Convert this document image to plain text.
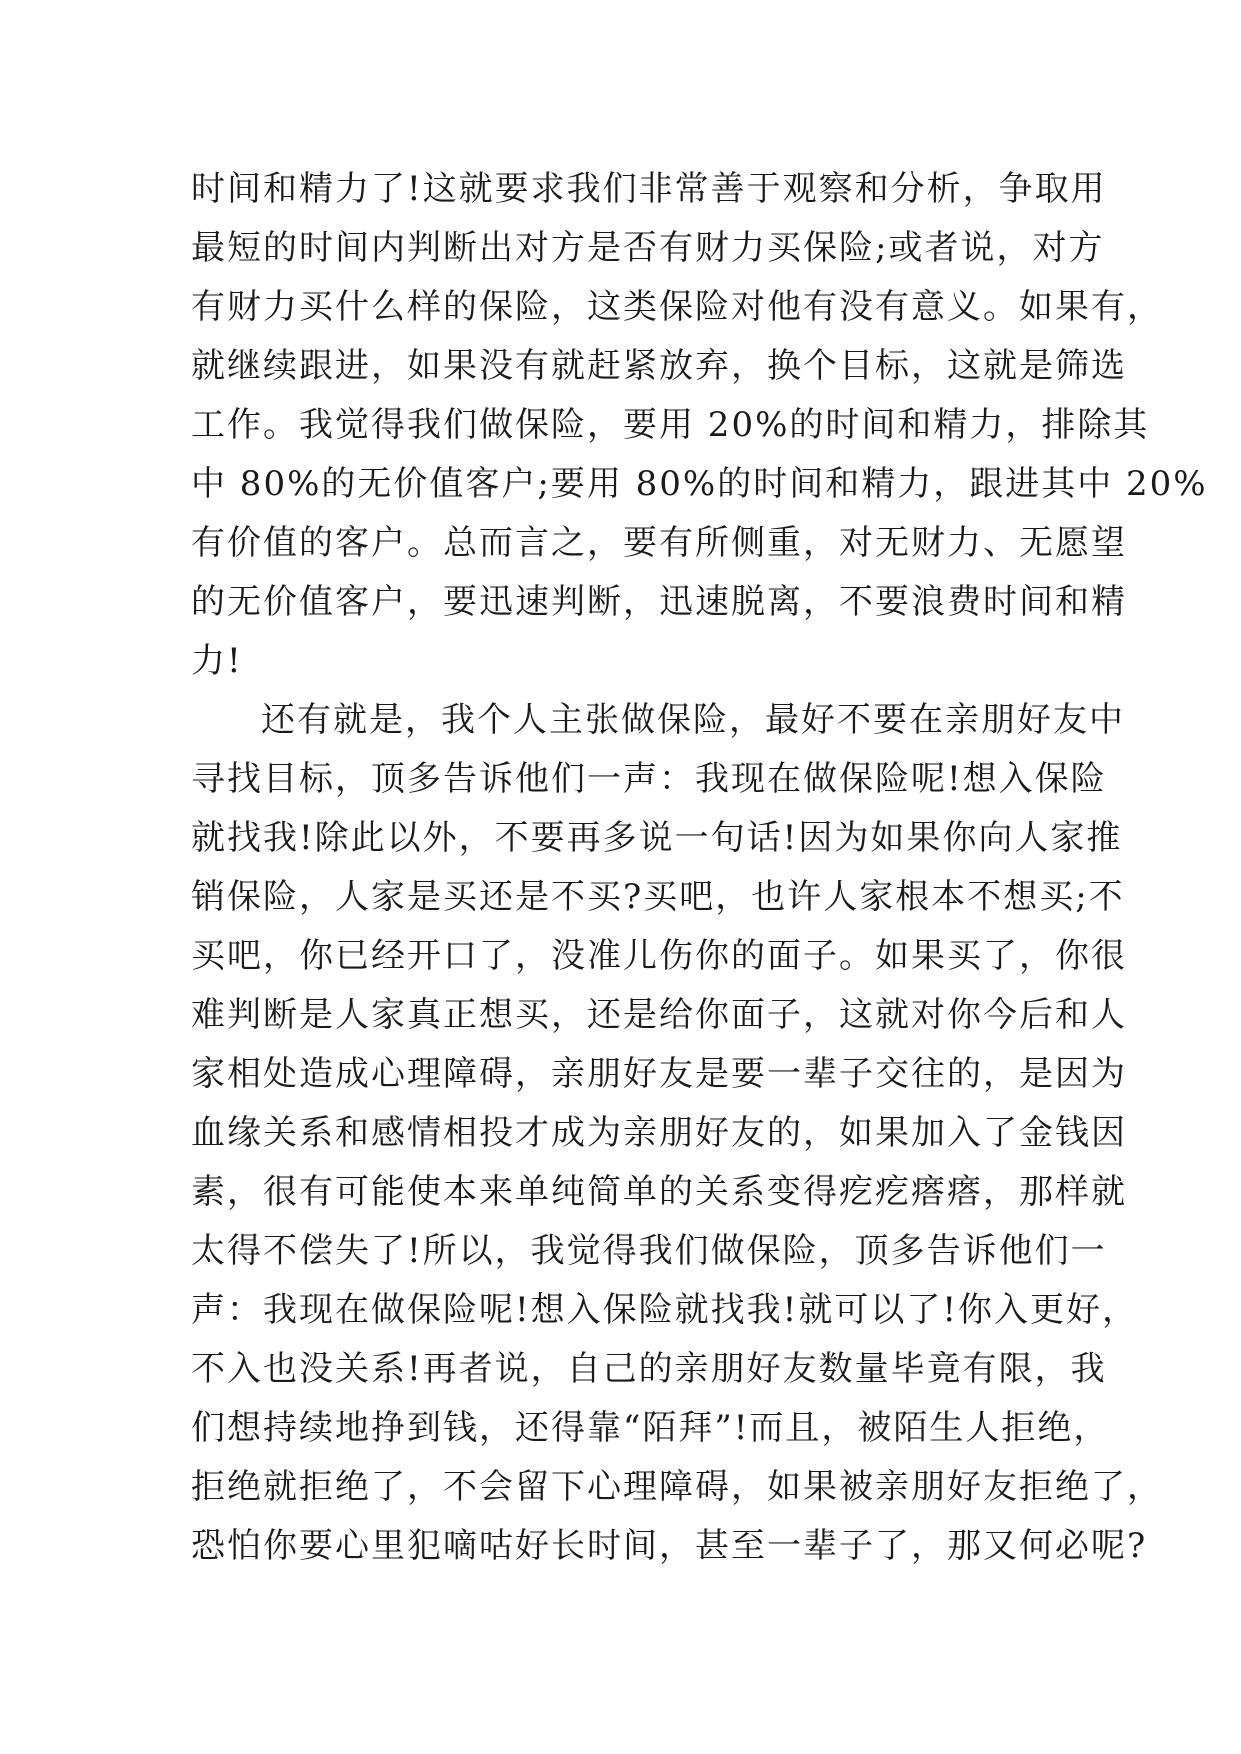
时间和精力了!这就要求我们非常善于观察和分析，争取用
最短的时间内判断出对方是否有财力买保险;或者说，对方
有财力买什么样的保险，这类保险对他有没有意义。如果有，
就继续跟进，如果没有就赶紧放弃，换个目标，这就是筛选
工作。我觉得我们做保险，要用 20%的时间和精力，排除其
中 80%的无价值客户;要用 80%的时间和精力，跟进其中 20%
有价值的客户。总而言之，要有所侧重，对无财力、无愿望
的无价值客户，要迅速判断，迅速脱离，不要浪费时间和精
力!
还有就是，我个人主张做保险，最好不要在亲朋好友中
寻找目标，顶多告诉他们一声：我现在做保险呢!想入保险
就找我!除此以外，不要再多说一句话!因为如果你向人家推
销保险，人家是买还是不买?买吧，也许人家根本不想买;不
买吧，你已经开口了，没准儿伤你的面子。如果买了，你很
难判断是人家真正想买，还是给你面子，这就对你今后和人
家相处造成心理障碍，亲朋好友是要一辈子交往的，是因为
血缘关系和感情相投才成为亲朋好友的，如果加入了金钱因
素，很有可能使本来单纯简单的关系变得疙疙瘩瘩，那样就
太得不偿失了!所以，我觉得我们做保险，顶多告诉他们一
声：我现在做保险呢!想入保险就找我!就可以了!你入更好，
不入也没关系!再者说，自己的亲朋好友数量毕竟有限，我
们想持续地挣到钱，还得靠“陌拜”!而且，被陌生人拒绝，
拒绝就拒绝了，不会留下心理障碍，如果被亲朋好友拒绝了，
恐怕你要心里犯嘀咕好长时间，甚至一辈子了，那又何必呢?
